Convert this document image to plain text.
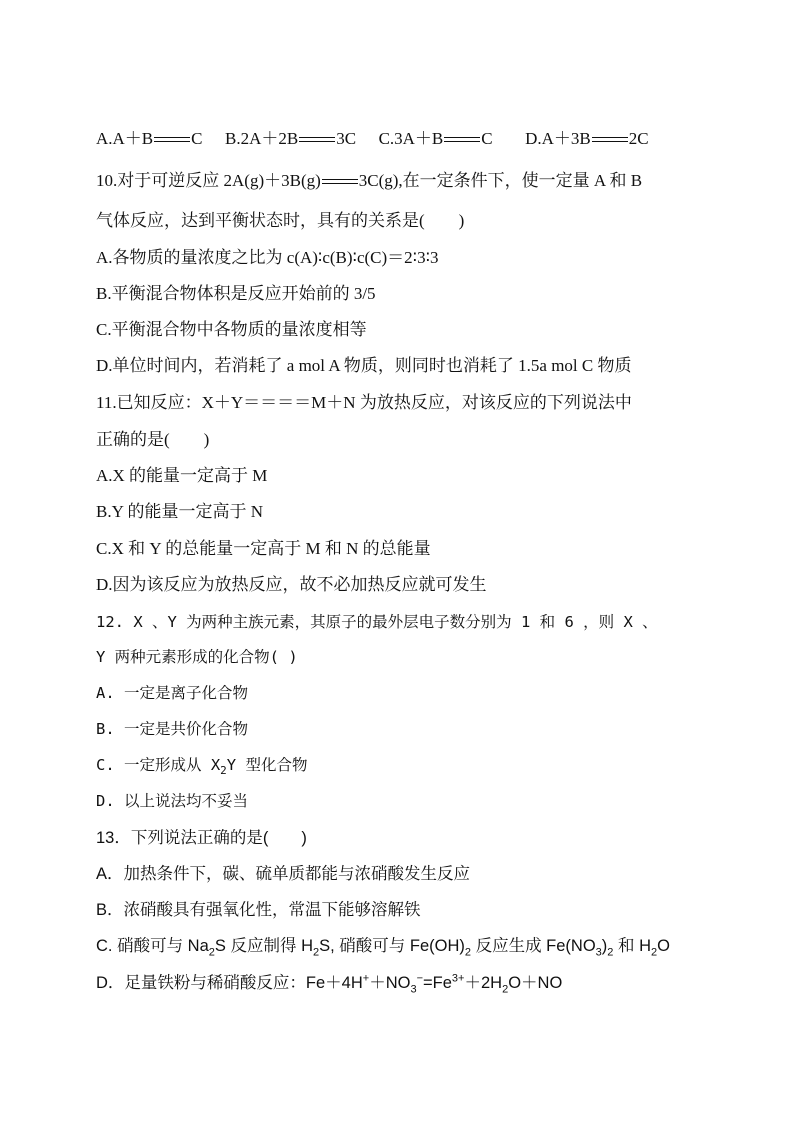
A.A＋B C B.2A＋2B 3C C.3A＋B C D.A＋3B 2C
10.对于可逆反应 2A(g)＋3B(g) 3C(g),在一定条件下，使一定量 A 和 B
气体反应，达到平衡状态时，具有的关系是(　　)
A.各物质的量浓度之比为 c(A)∶c(B)∶c(C)＝2∶3∶3
B.平衡混合物体积是反应开始前的 3/5
C.平衡混合物中各物质的量浓度相等
D.单位时间内，若消耗了 a mol A 物质，则同时也消耗了 1.5a mol C 物质
11.已知反应：X＋Y＝＝＝＝M＋N 为放热反应，对该反应的下列说法中
正确的是(　　)
A.X 的能量一定高于 M
B.Y 的能量一定高于 N
C.X 和 Y 的总能量一定高于 M 和 N 的总能量
D.因为该反应为放热反应，故不必加热反应就可发生
12. X 、Y 为两种主族元素，其原子的最外层电子数分别为 1 和 6 ，则 X 、
Y 两种元素形成的化合物( )
A. 一定是离子化合物
B. 一定是共价化合物
C. 一定形成从 $X_2Y$ 型化合物
D. 以上说法均不妥当
13．下列说法正确的是(　　)
A．加热条件下，碳、硫单质都能与浓硝酸发生反应
B．浓硝酸具有强氧化性，常温下能够溶解铁
C. 硝酸可与 $Na_2S$ 反应制得 $H_2S$, 硝酸可与 $Fe(OH)_2$ 反应生成 $Fe(NO_3)_2$ 和 $H_2O$
D．足量铁粉与稀硝酸反应：$Fe+4H^++NO_3^-=Fe^{3+}+2H_2O+NO$
